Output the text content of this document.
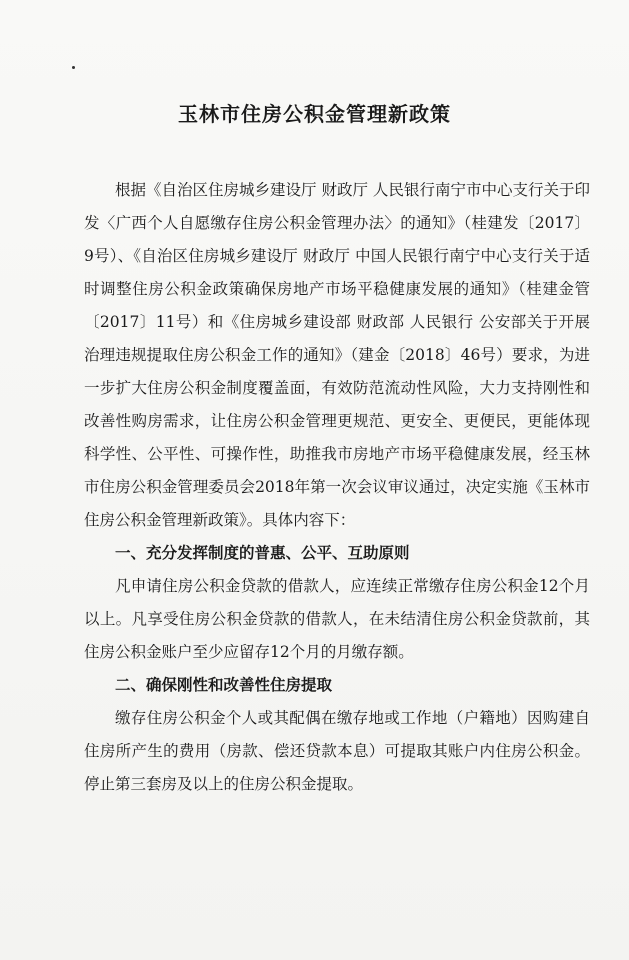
玉林市住房公积金管理新政策

根据《自治区住房城乡建设厅 财政厅 人民银行南宁市中心支行关于印发〈广西个人自愿缴存住房公积金管理办法〉的通知》（桂建发〔2017〕9号）、《自治区住房城乡建设厅 财政厅 中国人民银行南宁中心支行关于适时调整住房公积金政策确保房地产市场平稳健康发展的通知》（桂建金管〔2017〕11号）和《住房城乡建设部 财政部 人民银行 公安部关于开展治理违规提取住房公积金工作的通知》（建金〔2018〕46号）要求，为进一步扩大住房公积金制度覆盖面，有效防范流动性风险，大力支持刚性和改善性购房需求，让住房公积金管理更规范、更安全、更便民，更能体现科学性、公平性、可操作性，助推我市房地产市场平稳健康发展，经玉林市住房公积金管理委员会2018年第一次会议审议通过，决定实施《玉林市住房公积金管理新政策》。具体内容下：

一、充分发挥制度的普惠、公平、互助原则

凡申请住房公积金贷款的借款人，应连续正常缴存住房公积金12个月以上。凡享受住房公积金贷款的借款人，在未结清住房公积金贷款前，其住房公积金账户至少应留存12个月的月缴存额。

二、确保刚性和改善性住房提取

缴存住房公积金个人或其配偶在缴存地或工作地（户籍地）因购建自住房所产生的费用（房款、偿还贷款本息）可提取其账户内住房公积金。停止第三套房及以上的住房公积金提取。
